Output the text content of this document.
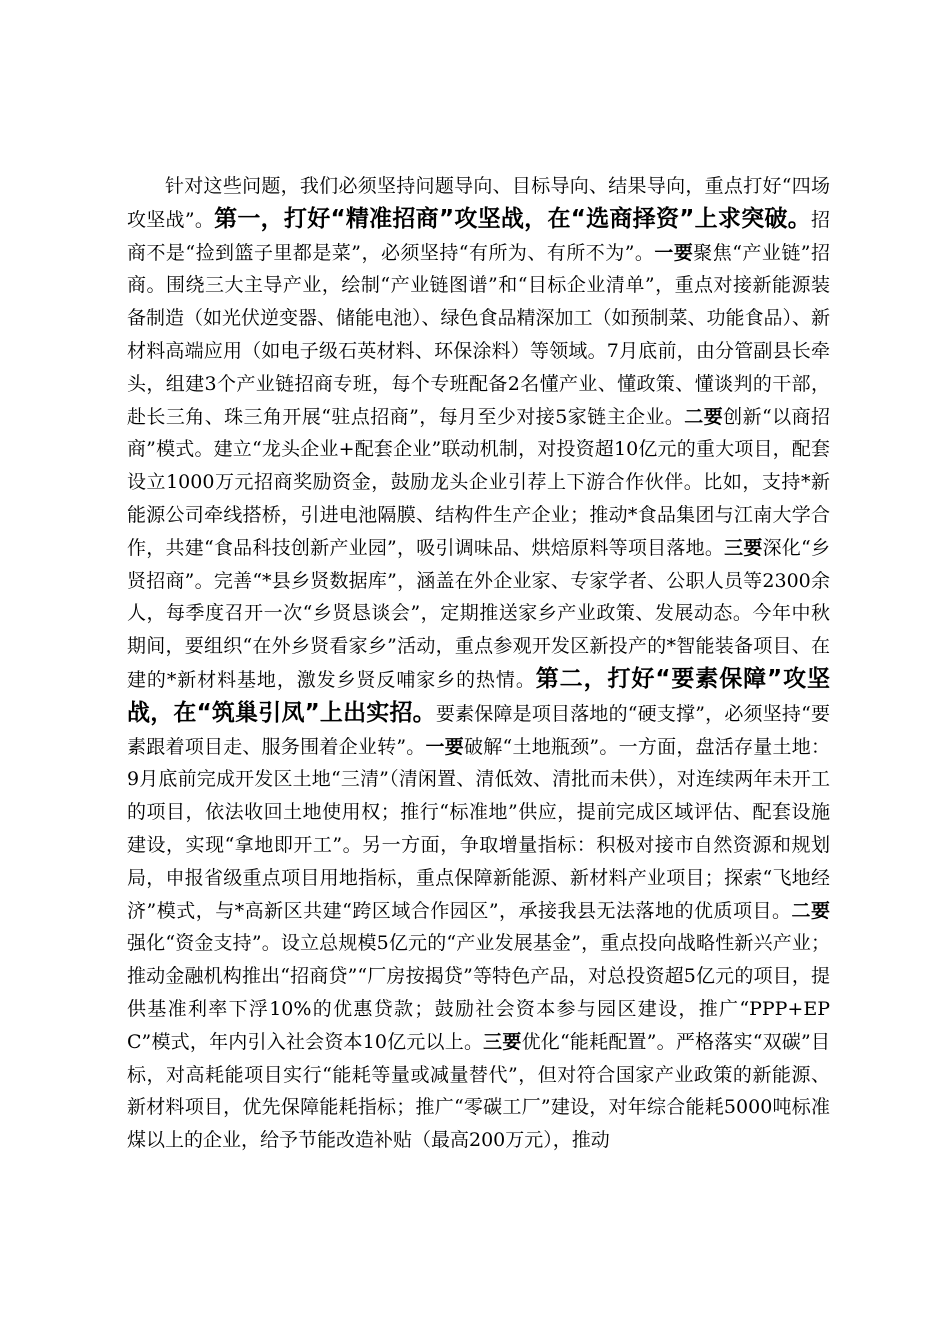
针对这些问题，我们必须坚持问题导向、目标导向、结果导向，重点打好“四场攻坚战”。第一，打好“精准招商”攻坚战，在“选商择资”上求突破。招商不是“捡到篮子里都是菜”，必须坚持“有所为、有所不为”。一要聚焦“产业链”招商。围绕三大主导产业，绘制“产业链图谱”和“目标企业清单”，重点对接新能源装备制造（如光伏逆变器、储能电池）、绿色食品精深加工（如预制菜、功能食品）、新材料高端应用（如电子级石英材料、环保涂料）等领域。7月底前，由分管副县长牵头，组建3个产业链招商专班，每个专班配备2名懂产业、懂政策、懂谈判的干部，赴长三角、珠三角开展“驻点招商”，每月至少对接5家链主企业。二要创新“以商招商”模式。建立“龙头企业+配套企业”联动机制，对投资超10亿元的重大项目，配套设立1000万元招商奖励资金，鼓励龙头企业引荐上下游合作伙伴。比如，支持*新能源公司牵线搭桥，引进电池隔膜、结构件生产企业；推动*食品集团与江南大学合作，共建“食品科技创新产业园”，吸引调味品、烘焙原料等项目落地。三要深化“乡贤招商”。完善“*县乡贤数据库”，涵盖在外企业家、专家学者、公职人员等2300余人，每季度召开一次“乡贤恳谈会”，定期推送家乡产业政策、发展动态。今年中秋期间，要组织“在外乡贤看家乡”活动，重点参观开发区新投产的*智能装备项目、在建的*新材料基地，激发乡贤反哺家乡的热情。第二，打好“要素保障”攻坚战，在“筑巢引凤”上出实招。要素保障是项目落地的“硬支撑”，必须坚持“要素跟着项目走、服务围着企业转”。一要破解“土地瓶颈”。一方面，盘活存量土地：9月底前完成开发区土地“三清”（清闲置、清低效、清批而未供），对连续两年未开工的项目，依法收回土地使用权；推行“标准地”供应，提前完成区域评估、配套设施建设，实现“拿地即开工”。另一方面，争取增量指标：积极对接市自然资源和规划局，申报省级重点项目用地指标，重点保障新能源、新材料产业项目；探索“飞地经济”模式，与*高新区共建“跨区域合作园区”，承接我县无法落地的优质项目。二要强化“资金支持”。设立总规模5亿元的“产业发展基金”，重点投向战略性新兴产业；推动金融机构推出“招商贷”“厂房按揭贷”等特色产品，对总投资超5亿元的项目，提供基准利率下浮10%的优惠贷款；鼓励社会资本参与园区建设，推广“PPP+EPC”模式，年内引入社会资本10亿元以上。三要优化“能耗配置”。严格落实“双碳”目标，对高耗能项目实行“能耗等量或减量替代”，但对符合国家产业政策的新能源、新材料项目，优先保障能耗指标；推广“零碳工厂”建设，对年综合能耗5000吨标准煤以上的企业，给予节能改造补贴（最高200万元），推动
